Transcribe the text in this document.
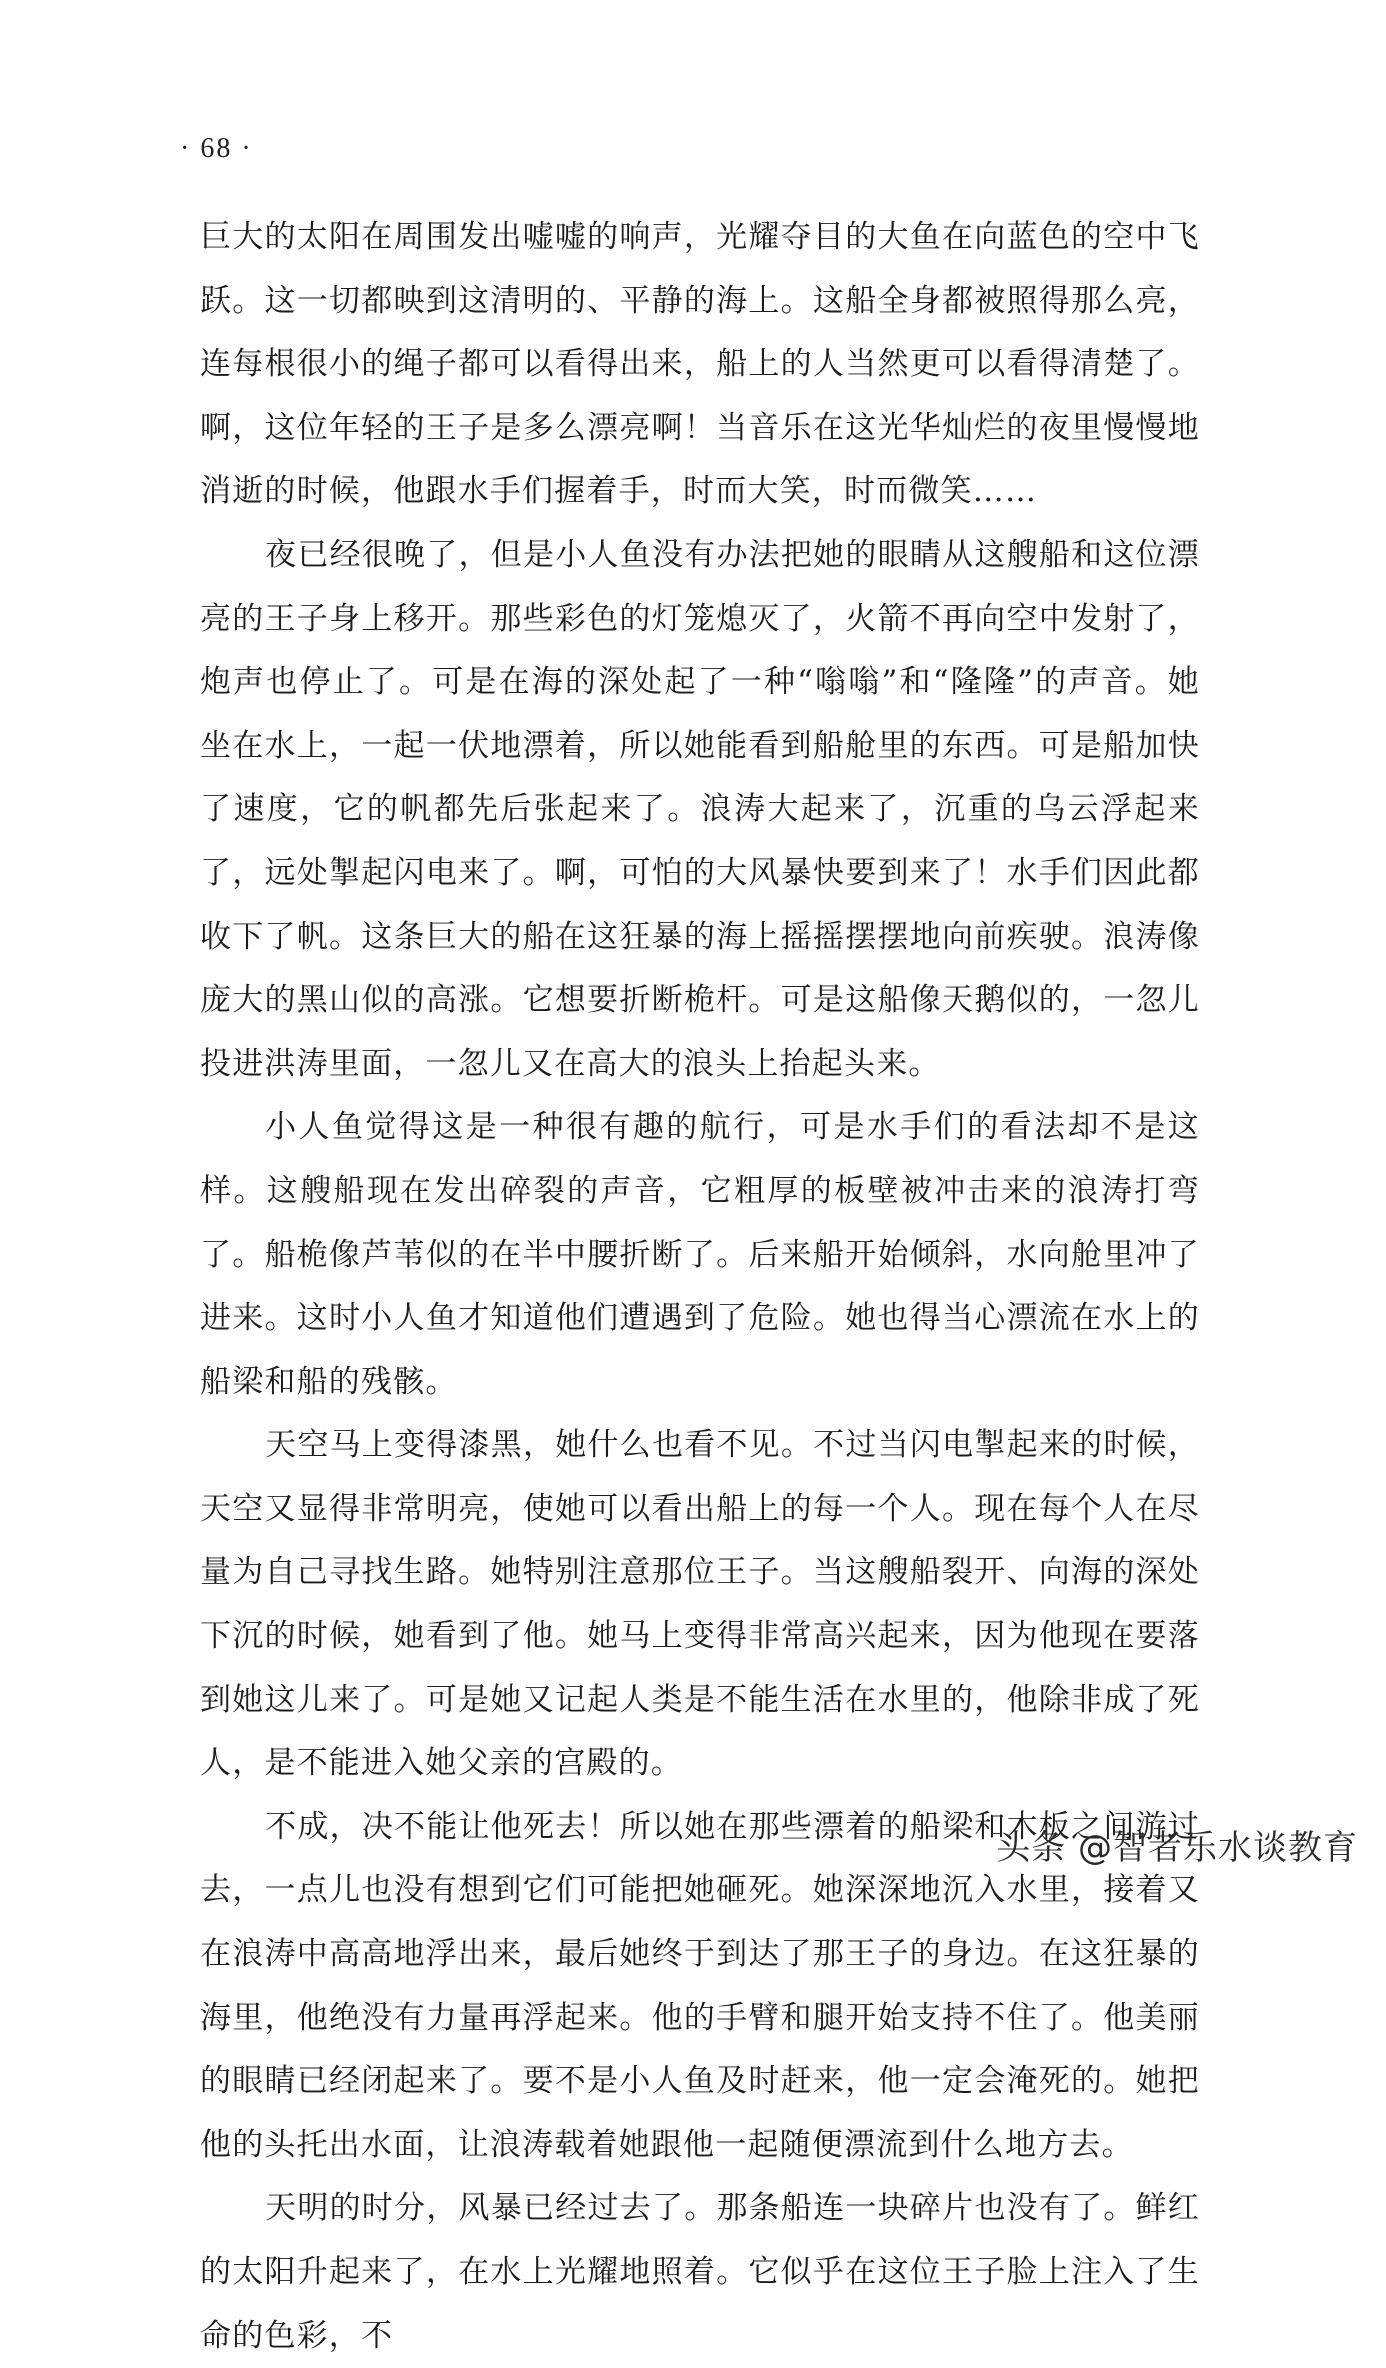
· 68 ·

巨大的太阳在周围发出嘘嘘的响声，光耀夺目的大鱼在向蓝色的空中飞跃。这一切都映到这清明的、平静的海上。这船全身都被照得那么亮，连每根很小的绳子都可以看得出来，船上的人当然更可以看得清楚了。啊，这位年轻的王子是多么漂亮啊！当音乐在这光华灿烂的夜里慢慢地消逝的时候，他跟水手们握着手，时而大笑，时而微笑……

夜已经很晚了，但是小人鱼没有办法把她的眼睛从这艘船和这位漂亮的王子身上移开。那些彩色的灯笼熄灭了，火箭不再向空中发射了，炮声也停止了。可是在海的深处起了一种“嗡嗡”和“隆隆”的声音。她坐在水上，一起一伏地漂着，所以她能看到船舱里的东西。可是船加快了速度，它的帆都先后张起来了。浪涛大起来了，沉重的乌云浮起来了，远处掣起闪电来了。啊，可怕的大风暴快要到来了！水手们因此都收下了帆。这条巨大的船在这狂暴的海上摇摇摆摆地向前疾驶。浪涛像庞大的黑山似的高涨。它想要折断桅杆。可是这船像天鹅似的，一忽儿投进洪涛里面，一忽儿又在高大的浪头上抬起头来。

小人鱼觉得这是一种很有趣的航行，可是水手们的看法却不是这样。这艘船现在发出碎裂的声音，它粗厚的板壁被冲击来的浪涛打弯了。船桅像芦苇似的在半中腰折断了。后来船开始倾斜，水向舱里冲了进来。这时小人鱼才知道他们遭遇到了危险。她也得当心漂流在水上的船梁和船的残骸。

天空马上变得漆黑，她什么也看不见。不过当闪电掣起来的时候，天空又显得非常明亮，使她可以看出船上的每一个人。现在每个人在尽量为自己寻找生路。她特别注意那位王子。当这艘船裂开、向海的深处下沉的时候，她看到了他。她马上变得非常高兴起来，因为他现在要落到她这儿来了。可是她又记起人类是不能生活在水里的，他除非成了死人，是不能进入她父亲的宫殿的。

不成，决不能让他死去！所以她在那些漂着的船梁和木板之间游过去，一点儿也没有想到它们可能把她砸死。她深深地沉入水里，接着又在浪涛中高高地浮出来，最后她终于到达了那王子的身边。在这狂暴的海里，他绝没有力量再浮起来。他的手臂和腿开始支持不住了。他美丽的眼睛已经闭起来了。要不是小人鱼及时赶来，他一定会淹死的。她把他的头托出水面，让浪涛载着她跟他一起随便漂流到什么地方去。

天明的时分，风暴已经过去了。那条船连一块碎片也没有了。鲜红的太阳升起来了，在水上光耀地照着。它似乎在这位王子脸上注入了生命的色彩，不

头条 @智者乐水谈教育
